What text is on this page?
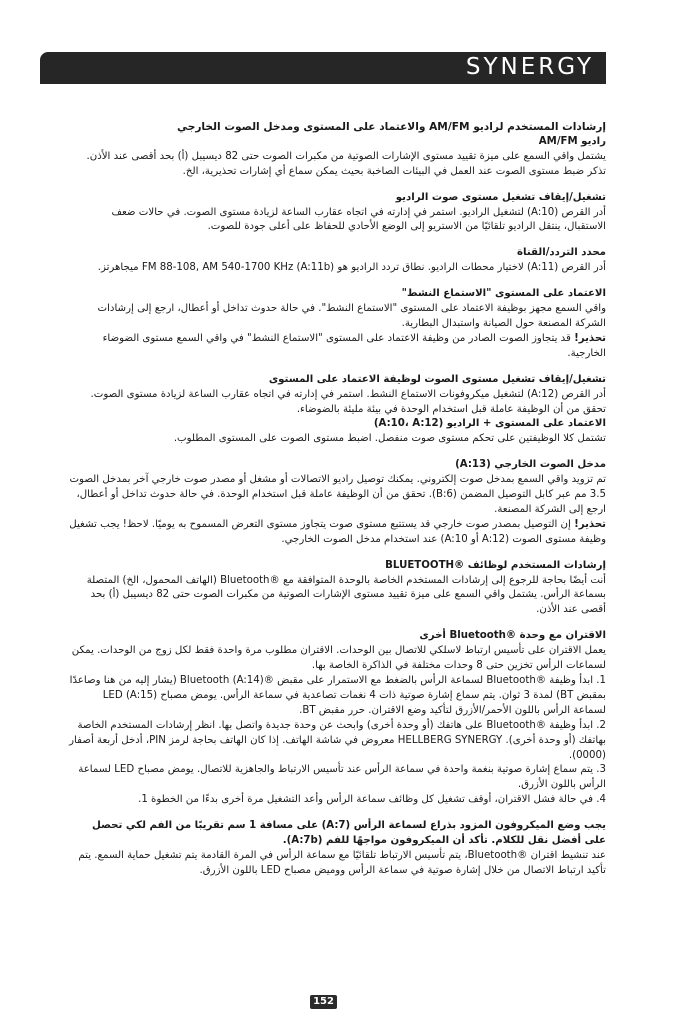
SYNERGY
إرشادات المستخدم لراديو AM/FM والاعتماد على المستوى ومدخل الصوت الخارجي
راديو AM/FM

يشتمل واقي السمع على ميزة تقييد مستوى الإشارات الصوتية من مكبرات الصوت حتى 82 ديسيبل (أ) بحد أقصى عند الأذن. تذكر ضبط مستوى الصوت عند العمل في البيئات الصاخبة بحيث يمكن سماع أي إشارات تحذيرية، الخ.

تشغيل/إيقاف تشغيل مستوى صوت الراديو

أدر القرص (A:10) لتشغيل الراديو. استمر في إدارته في اتجاه عقارب الساعة لزيادة مستوى الصوت. في حالات ضعف الاستقبال، ينتقل الراديو تلقائيًا من الاستريو إلى الوضع الأحادي للحفاظ على أعلى جودة للصوت.

محدد التردد/القناة

أدر القرص (A:11) لاختيار محطات الراديو. نطاق تردد الراديو هو (A:11b) FM 88-108, AM 540-1700 KHz ميجاهرتز.

الاعتماد على المستوى "الاستماع النشط"

واقي السمع مجهز بوظيفة الاعتماد على المستوى "الاستماع النشط". في حالة حدوث تداخل أو أعطال، ارجع إلى إرشادات الشركة المصنعة حول الصيانة واستبدال البطارية.

تحذير! قد يتجاوز الصوت الصادر من وظيفة الاعتماد على المستوى "الاستماع النشط" في واقي السمع مستوى الضوضاء الخارجية.

تشغيل/إيقاف تشغيل مستوى الصوت لوظيفة الاعتماد على المستوى

أدر القرص (A:12) لتشغيل ميكروفونات الاستماع النشط. استمر في إدارته في اتجاه عقارب الساعة لزيادة مستوى الصوت. تحقق من أن الوظيفة عاملة قبل استخدام الوحدة في بيئة مليئة بالضوضاء.

الاعتماد على المستوى + الراديو (A:10، A:12)

تشتمل كلا الوظيفتين على تحكم مستوى صوت منفصل. اضبط مستوى الصوت على المستوى المطلوب.

مدخل الصوت الخارجي (A:13)

تم تزويد واقي السمع بمدخل صوت إلكتروني. يمكنك توصيل راديو الاتصالات أو مشغل أو مصدر صوت خارجي آخر بمدخل الصوت 3.5 مم عبر كابل التوصيل المضمن (B:6). تحقق من أن الوظيفة عاملة قبل استخدام الوحدة. في حالة حدوث تداخل أو أعطال، ارجع إلى الشركة المصنعة.

تحذير! إن التوصيل بمصدر صوت خارجي قد يستتبع مستوى صوت يتجاوز مستوى التعرض المسموح به يوميًا. لاحظ! يجب تشغيل وظيفة مستوى الصوت (A:12 أو A:10) عند استخدام مدخل الصوت الخارجي.

إرشادات المستخدم لوظائف ®BLUETOOTH

أنت أيضًا بحاجة للرجوع إلى إرشادات المستخدم الخاصة بالوحدة المتوافقة مع ®Bluetooth (الهاتف المحمول، الخ) المتصلة بسماعة الرأس. يشتمل واقي السمع على ميزة تقييد مستوى الإشارات الصوتية من مكبرات الصوت حتى 82 ديسيبل (أ) بحد أقصى عند الأذن.

الاقتران مع وحدة ®Bluetooth أخرى

يعمل الاقتران على تأسيس ارتباط لاسلكي للاتصال بين الوحدات. الاقتران مطلوب مرة واحدة فقط لكل زوج من الوحدات. يمكن لسماعات الرأس تخزين حتى 8 وحدات مختلفة في الذاكرة الخاصة بها.

1. ابدأ وظيفة ®Bluetooth لسماعة الرأس بالضغط مع الاستمرار على مقبض ®Bluetooth (A:14) (يشار إليه من هنا وصاعدًا بمقبض BT) لمدة 3 ثوان. يتم سماع إشارة صوتية ذات 4 نغمات تصاعدية في سماعة الرأس. يومض مصباح LED (A:15) لسماعة الرأس باللون الأحمر/الأزرق لتأكيد وضع الاقتران. حرر مقبض BT.
2. ابدأ وظيفة ®Bluetooth على هاتفك (أو وحدة أخرى) وابحث عن وحدة جديدة واتصل بها. انظر إرشادات المستخدم الخاصة بهاتفك (أو وحدة أخرى). HELLBERG SYNERGY معروض في شاشة الهاتف. إذا كان الهاتف بحاجة لرمز PIN، أدخل أربعة أصفار (0000).
3. يتم سماع إشارة صوتية بنغمة واحدة في سماعة الرأس عند تأسيس الارتباط والجاهزية للاتصال. يومض مصباح LED لسماعة الرأس باللون الأزرق.
4. في حالة فشل الاقتران، أوقف تشغيل كل وظائف سماعة الرأس وأعد التشغيل مرة أخرى بدءًا من الخطوة 1.
يجب وضع الميكروفون المزود بذراع لسماعة الرأس (A:7) على مسافة 1 سم تقريبًا من الفم لكي تحصل على أفضل نقل للكلام. تأكد أن الميكروفون مواجهًا للفم (A:7b).

عند تنشيط اقتران ®Bluetooth، يتم تأسيس الارتباط تلقائيًا مع سماعة الرأس في المرة القادمة يتم تشغيل حماية السمع. يتم تأكيد ارتباط الاتصال من خلال إشارة صوتية في سماعة الرأس ووميض مصباح LED باللون الأزرق.

152
